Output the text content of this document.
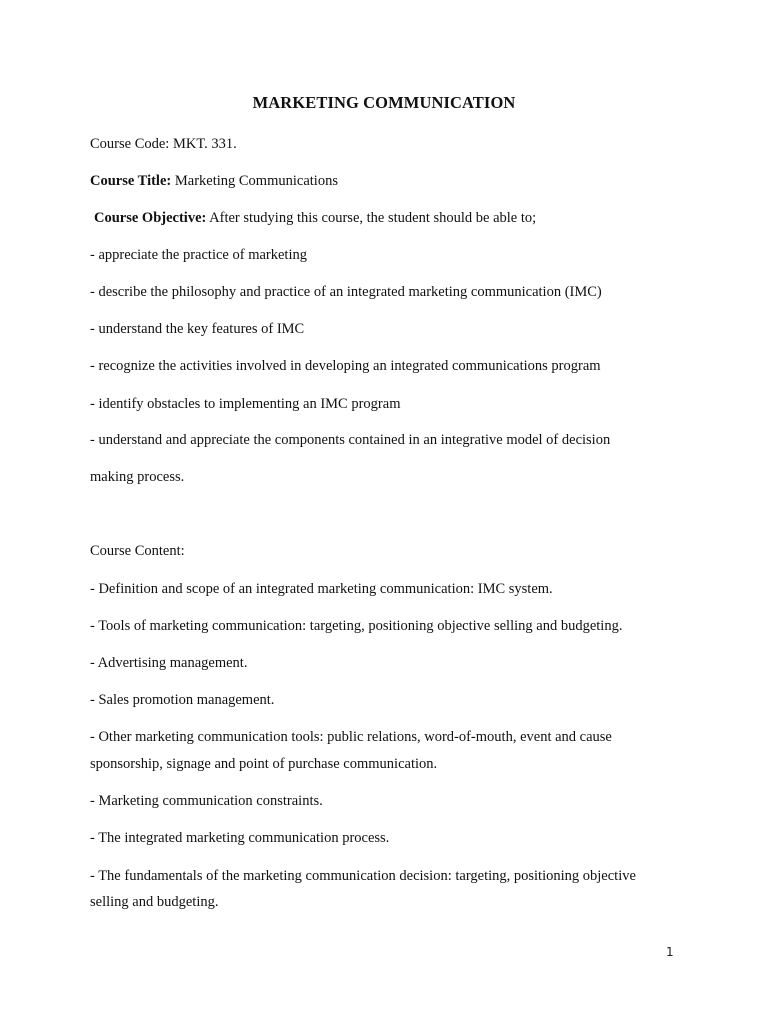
MARKETING COMMUNICATION
Course Code: MKT. 331.
Course Title: Marketing Communications
Course Objective: After studying this course, the student should be able to;
- appreciate the practice of marketing
- describe the philosophy and practice of an integrated marketing communication (IMC)
- understand the key features of IMC
- recognize the activities involved in developing an integrated communications program
- identify obstacles to implementing an IMC program
- understand and appreciate the components contained in an integrative model of decision
making process.
Course Content:
- Definition and scope of an integrated marketing communication: IMC system.
- Tools of marketing communication: targeting, positioning objective selling and budgeting.
- Advertising management.
- Sales promotion management.
- Other marketing communication tools: public relations, word-of-mouth, event and cause
sponsorship, signage and point of purchase communication.
- Marketing communication constraints.
- The integrated marketing communication process.
- The fundamentals of the marketing communication decision: targeting, positioning objective
selling and budgeting.
1
